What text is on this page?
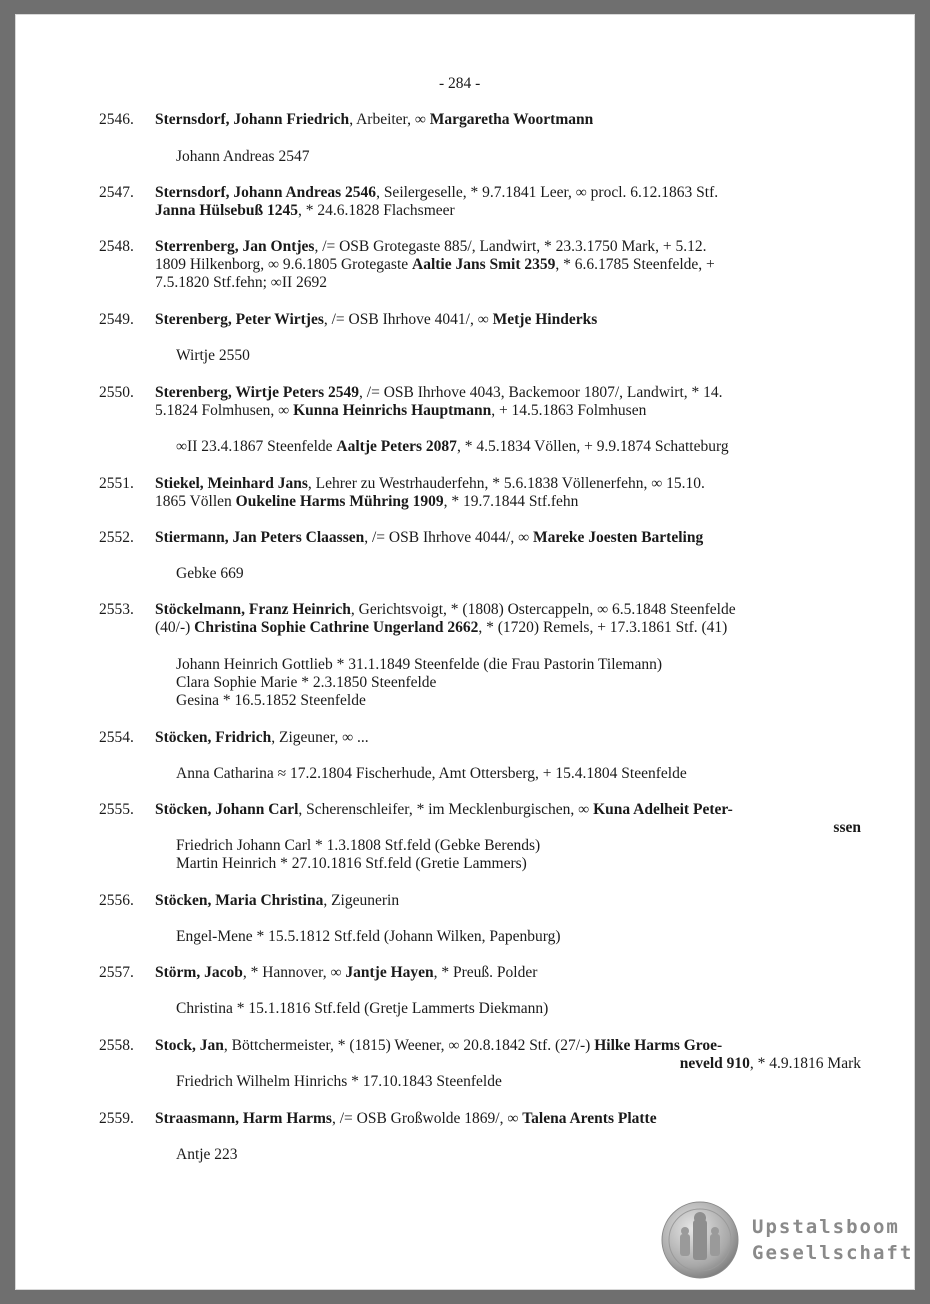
- 284 -
2546.	Sternsdorf, Johann Friedrich, Arbeiter, ∞ Margaretha Woortmann
Johann Andreas 2547
2547.	Sternsdorf, Johann Andreas 2546, Seilergeselle, * 9.7.1841 Leer, ∞ procl. 6.12.1863 Stf.
Janna Hülsebuß 1245, * 24.6.1828 Flachsmeer
2548.	Sterrenberg, Jan Ontjes, /= OSB Grotegaste 885/, Landwirt, * 23.3.1750 Mark, + 5.12.
1809 Hilkenborg, ∞ 9.6.1805 Grotegaste Aaltie Jans Smit 2359, * 6.6.1785 Steenfelde, +
7.5.1820 Stf.fehn; ∞II 2692
2549.	Sterenberg, Peter Wirtjes, /= OSB Ihrhove 4041/, ∞ Metje Hinderks
Wirtje 2550
2550.	Sterenberg, Wirtje Peters 2549, /= OSB Ihrhove 4043, Backemoor 1807/, Landwirt, * 14.
5.1824 Folmhusen, ∞ Kunna Heinrichs Hauptmann, + 14.5.1863 Folmhusen
∞II 23.4.1867 Steenfelde Aaltje Peters 2087, * 4.5.1834 Völlen, + 9.9.1874 Schatteburg
2551.	Stiekel, Meinhard Jans, Lehrer zu Westrhauderfehn, * 5.6.1838 Völlenerfehn, ∞ 15.10.
1865 Völlen Oukeline Harms Mühring 1909, * 19.7.1844 Stf.fehn
2552.	Stiermann, Jan Peters Claassen, /= OSB Ihrhove 4044/, ∞ Mareke Joesten Barteling
Gebke 669
2553.	Stöckelmann, Franz Heinrich, Gerichtsvoigt, * (1808) Ostercappeln, ∞ 6.5.1848 Steenfelde
(40/-) Christina Sophie Cathrine Ungerland 2662, * (1720) Remels, + 17.3.1861 Stf. (41)
Johann Heinrich Gottlieb * 31.1.1849 Steenfelde (die Frau Pastorin Tilemann)
Clara Sophie Marie * 2.3.1850 Steenfelde
Gesina * 16.5.1852 Steenfelde
2554.	Stöcken, Fridrich, Zigeuner, ∞ ...
Anna Catharina ≈ 17.2.1804 Fischerhude, Amt Ottersberg, + 15.4.1804 Steenfelde
2555.	Stöcken, Johann Carl, Scherenschleifer, * im Mecklenburgischen, ∞ Kuna Adelheit Peter-
ssen
Friedrich Johann Carl * 1.3.1808 Stf.feld (Gebke Berends)
Martin Heinrich * 27.10.1816 Stf.feld (Gretie Lammers)
2556.	Stöcken, Maria Christina, Zigeunerin
Engel-Mene * 15.5.1812 Stf.feld (Johann Wilken, Papenburg)
2557.	Störm, Jacob, * Hannover, ∞ Jantje Hayen, * Preuß. Polder
Christina * 15.1.1816 Stf.feld (Gretje Lammerts Diekmann)
2558.	Stock, Jan, Böttchermeister, * (1815) Weener, ∞ 20.8.1842 Stf. (27/-) Hilke Harms Groe-
neveld 910, * 4.9.1816 Mark
Friedrich Wilhelm Hinrichs * 17.10.1843 Steenfelde
2559.	Straasmann, Harm Harms, /= OSB Großwolde 1869/, ∞ Talena Arents Platte
Antje 223
Upstalsboom
Gesellschaft
